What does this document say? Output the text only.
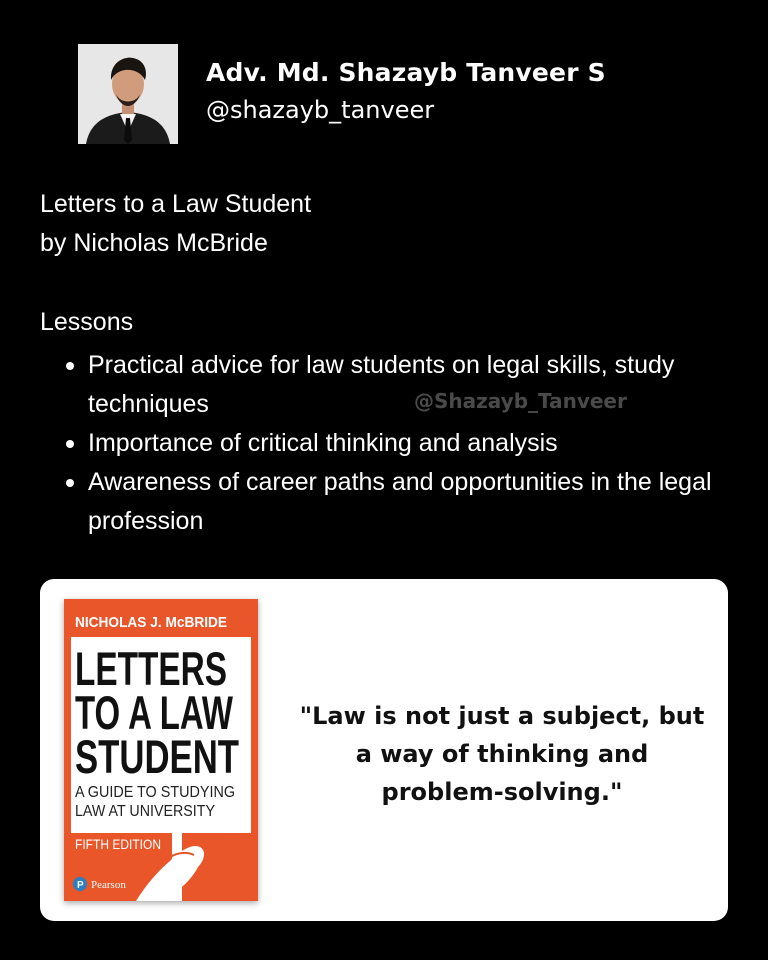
Adv. Md. Shazayb Tanveer S
@shazayb_tanveer
Letters to a Law Student
by Nicholas McBride
Lessons
Practical advice for law students on legal skills, study techniques
Importance of critical thinking and analysis
Awareness of career paths and opportunities in the legal profession
@Shazayb_Tanveer
NICHOLAS J. McBRIDE
LETTERS
TO A LAW
STUDENT
A GUIDE TO STUDYING
LAW AT UNIVERSITY
FIFTH EDITION
P Pearson
"Law is not just a subject, but a way of thinking and problem-solving."
